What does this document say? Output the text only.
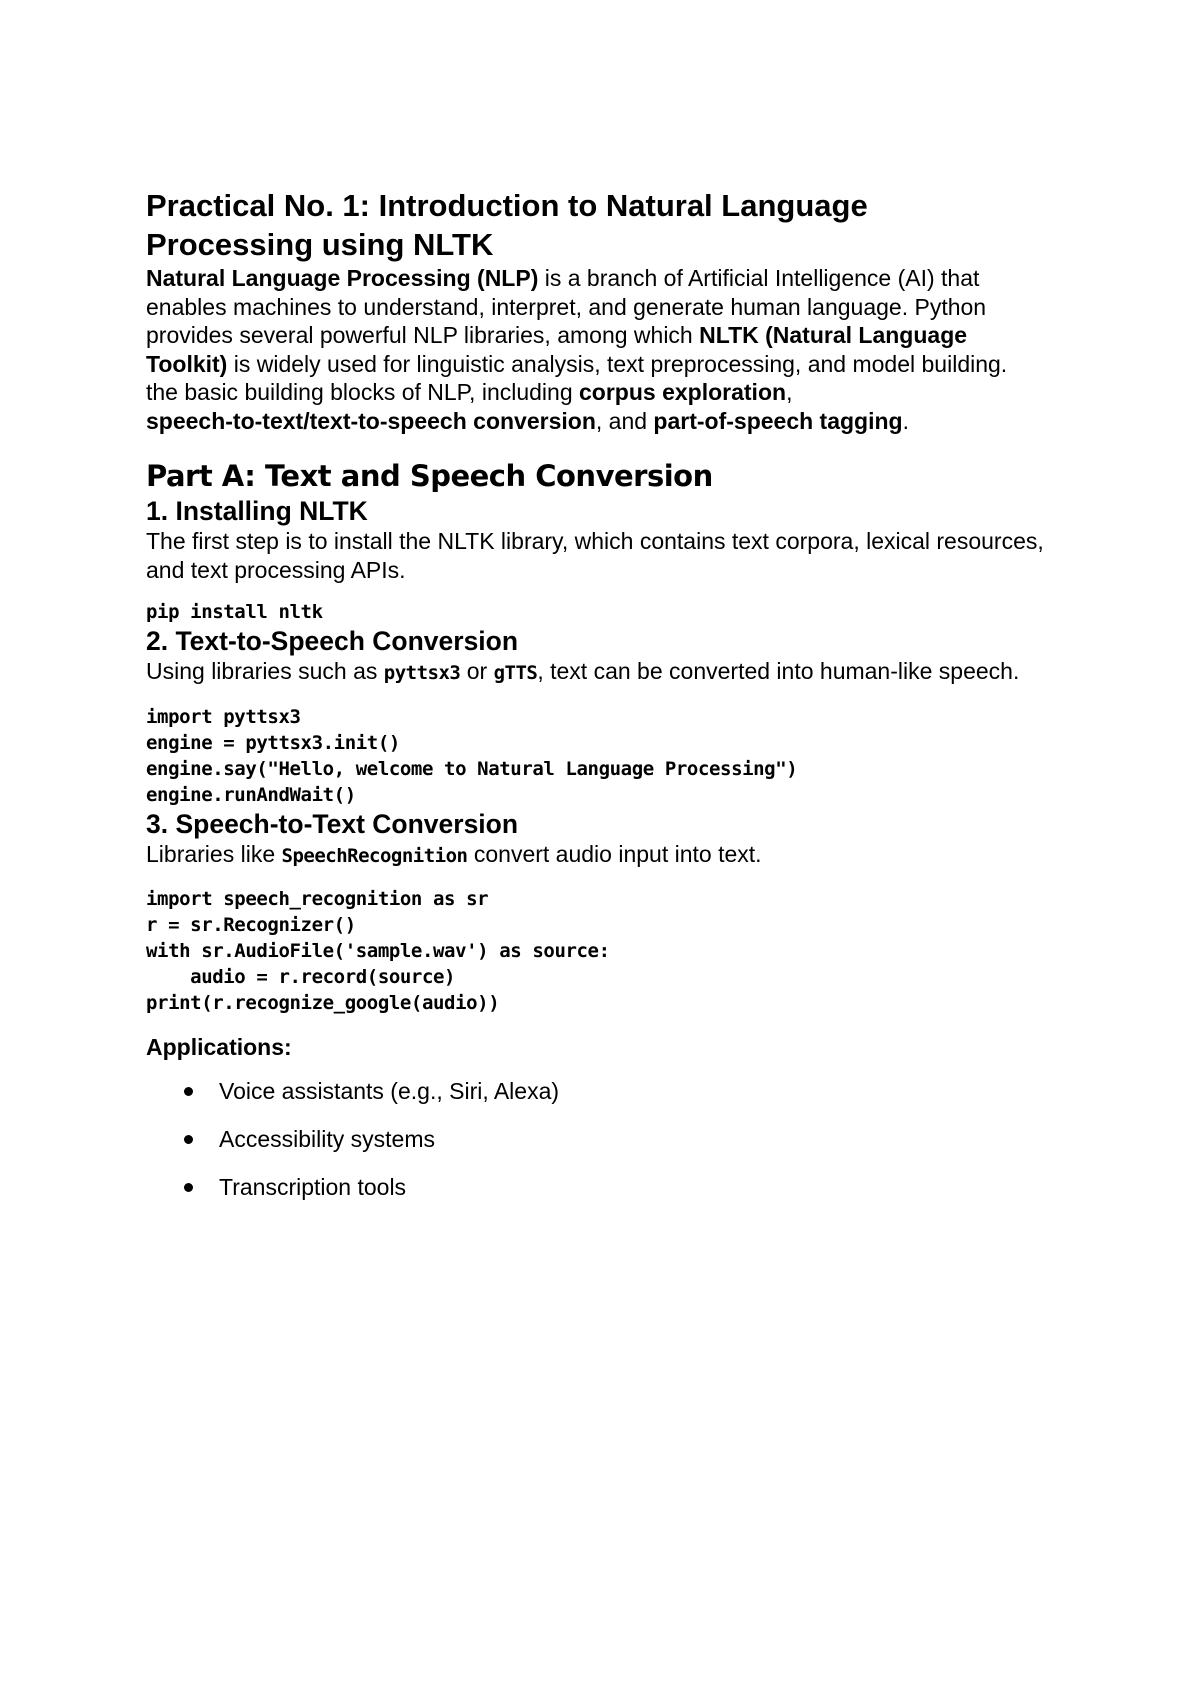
Practical No. 1: Introduction to Natural Language
Processing using NLTK

Natural Language Processing (NLP) is a branch of Artificial Intelligence (AI) that enables machines to understand, interpret, and generate human language. Python provides several powerful NLP libraries, among which NLTK (Natural Language Toolkit) is widely used for linguistic analysis, text preprocessing, and model building.

the basic building blocks of NLP, including corpus exploration,
speech-to-text/text-to-speech conversion, and part-of-speech tagging.

Part A: Text and Speech Conversion
1. Installing NLTK

The first step is to install the NLTK library, which contains text corpora, lexical resources, and text processing APIs.

pip install nltk
2. Text-to-Speech Conversion

Using libraries such as pyttsx3 or gTTS, text can be converted into human-like speech.

import pyttsx3
engine = pyttsx3.init()
engine.say("Hello, welcome to Natural Language Processing")
engine.runAndWait()
3. Speech-to-Text Conversion

Libraries like SpeechRecognition convert audio input into text.

import speech_recognition as sr
r = sr.Recognizer()
with sr.AudioFile('sample.wav') as source:
audio = r.record(source)
print(r.recognize_google(audio))

Applications:

Voice assistants (e.g., Siri, Alexa)
Accessibility systems
Transcription tools
